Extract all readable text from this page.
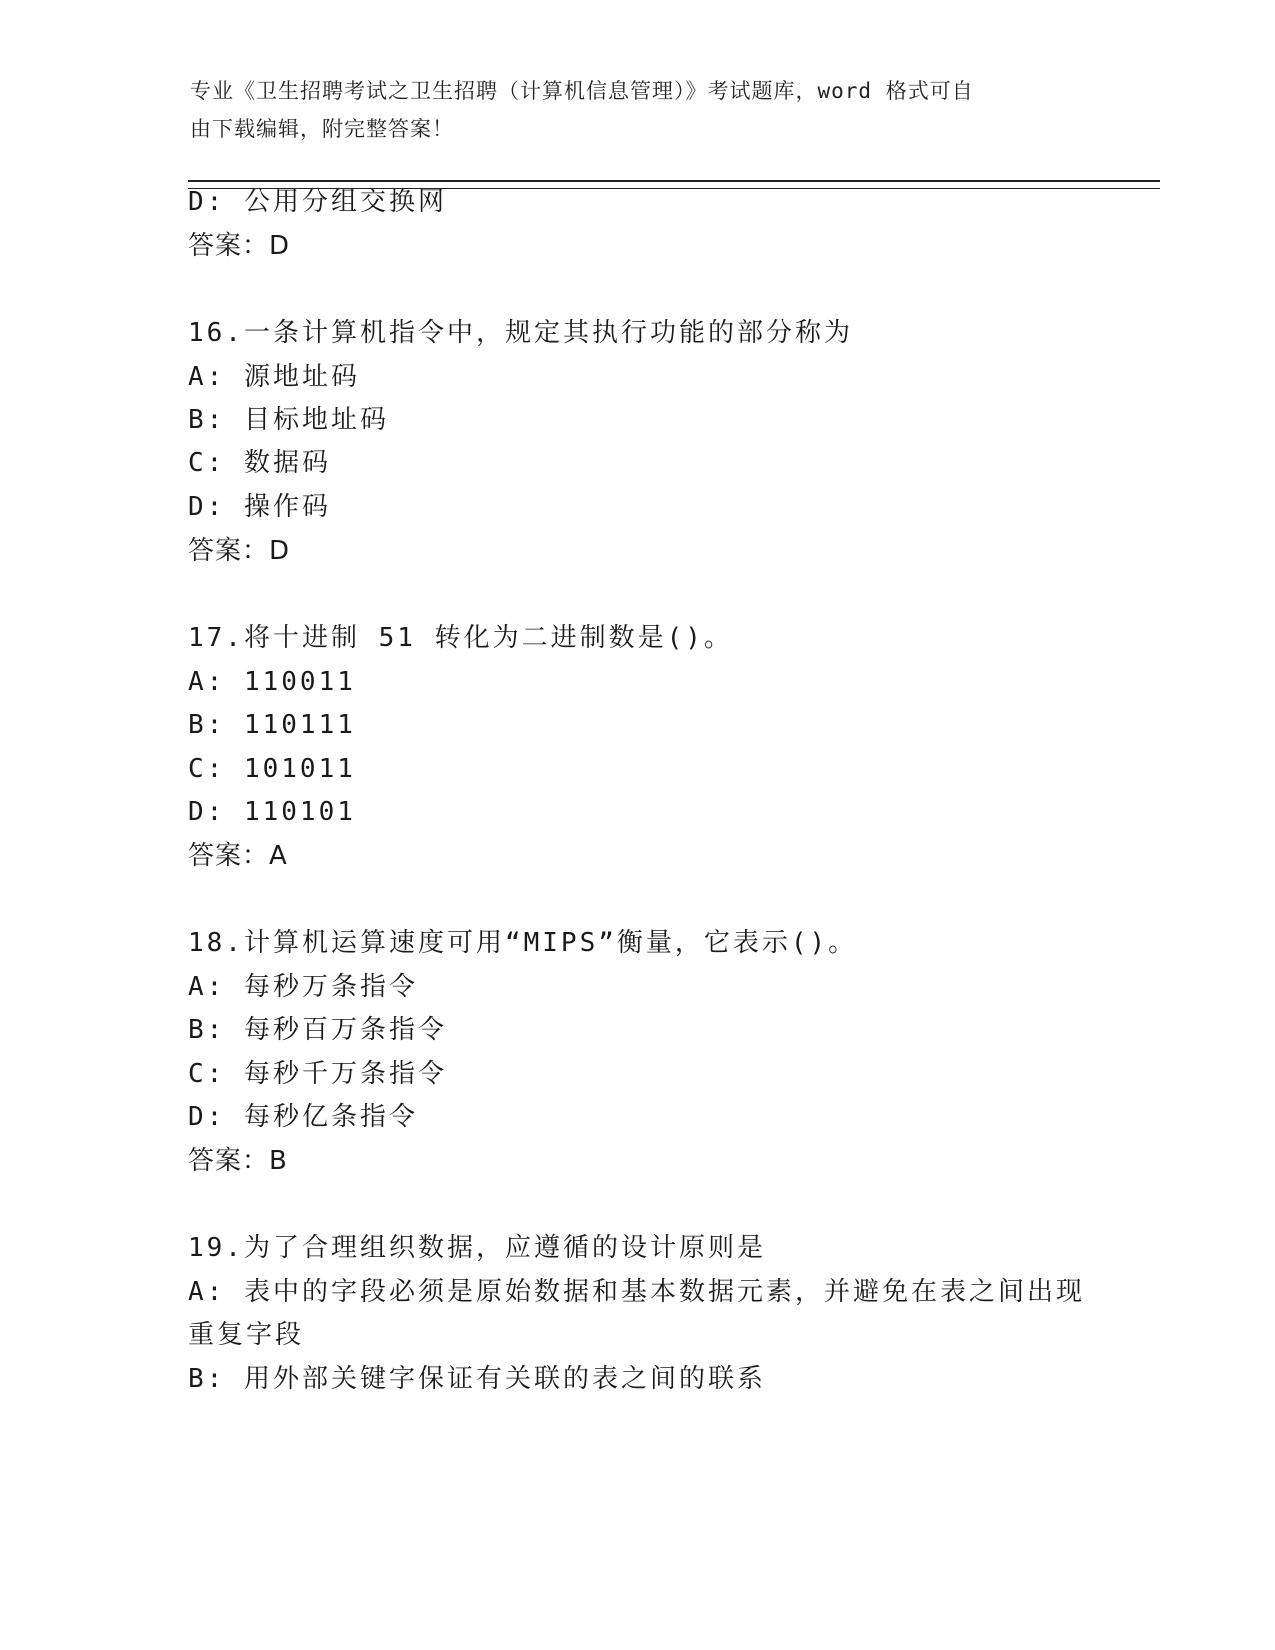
专业《卫生招聘考试之卫生招聘（计算机信息管理）》考试题库，word 格式可自
由下载编辑，附完整答案！
D: 公用分组交换网
答案：D
16.一条计算机指令中，规定其执行功能的部分称为
A: 源地址码
B: 目标地址码
C: 数据码
D: 操作码
答案：D
17.将十进制 51 转化为二进制数是()。
A: 110011
B: 110111
C: 101011
D: 110101
答案：A
18.计算机运算速度可用“MIPS”衡量，它表示()。
A: 每秒万条指令
B: 每秒百万条指令
C: 每秒千万条指令
D: 每秒亿条指令
答案：B
19.为了合理组织数据，应遵循的设计原则是
A: 表中的字段必须是原始数据和基本数据元素，并避免在表之间出现
重复字段
B: 用外部关键字保证有关联的表之间的联系
